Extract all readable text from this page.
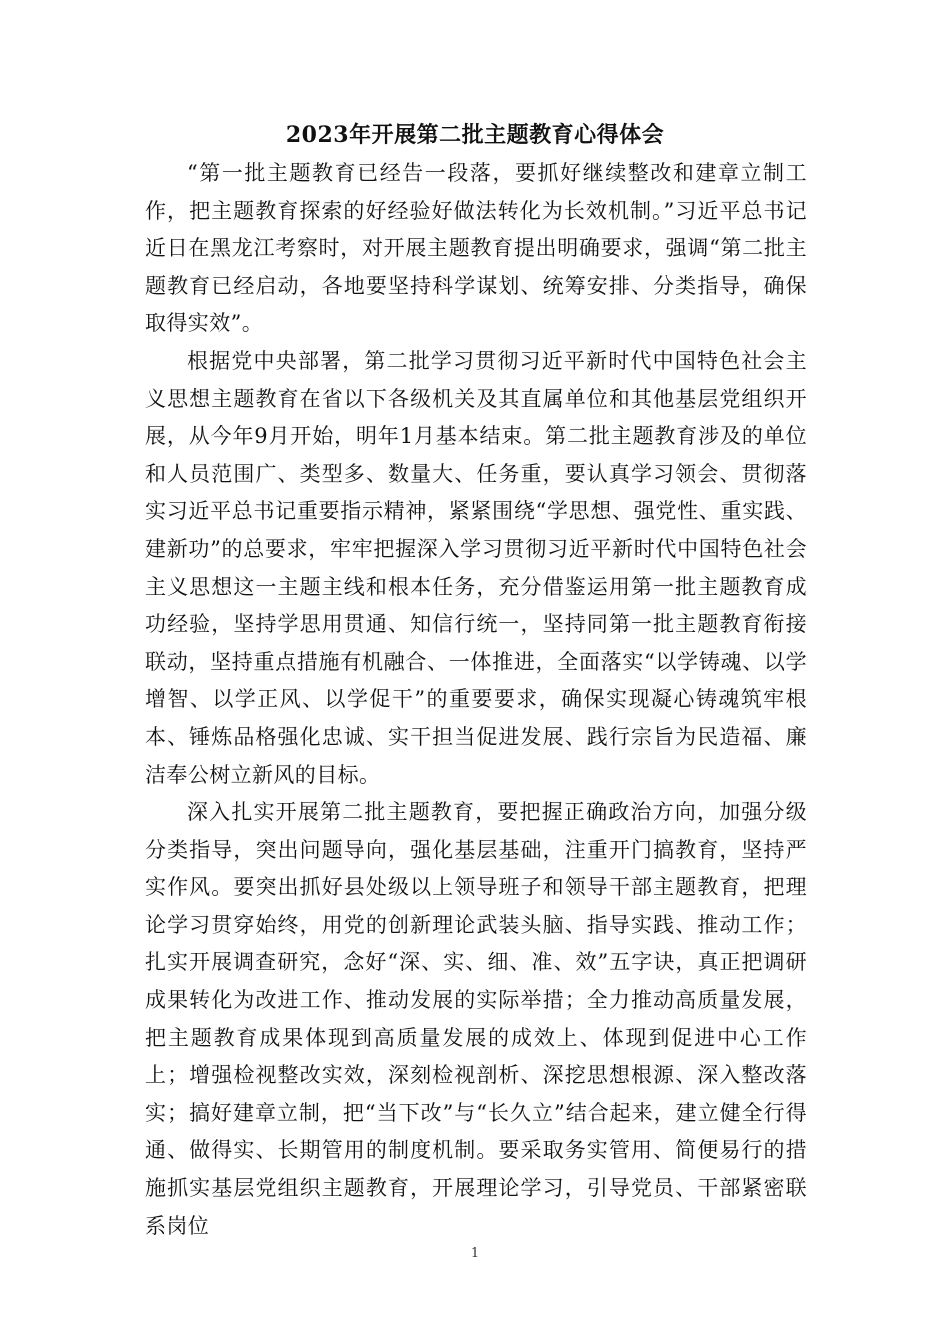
2023年开展第二批主题教育心得体会

“第一批主题教育已经告一段落，要抓好继续整改和建章立制工作，把主题教育探索的好经验好做法转化为长效机制。”习近平总书记近日在黑龙江考察时，对开展主题教育提出明确要求，强调“第二批主题教育已经启动，各地要坚持科学谋划、统筹安排、分类指导，确保取得实效”。

根据党中央部署，第二批学习贯彻习近平新时代中国特色社会主义思想主题教育在省以下各级机关及其直属单位和其他基层党组织开展，从今年9月开始，明年1月基本结束。第二批主题教育涉及的单位和人员范围广、类型多、数量大、任务重，要认真学习领会、贯彻落实习近平总书记重要指示精神，紧紧围绕“学思想、强党性、重实践、建新功”的总要求，牢牢把握深入学习贯彻习近平新时代中国特色社会主义思想这一主题主线和根本任务，充分借鉴运用第一批主题教育成功经验，坚持学思用贯通、知信行统一，坚持同第一批主题教育衔接联动，坚持重点措施有机融合、一体推进，全面落实“以学铸魂、以学增智、以学正风、以学促干”的重要要求，确保实现凝心铸魂筑牢根本、锤炼品格强化忠诚、实干担当促进发展、践行宗旨为民造福、廉洁奉公树立新风的目标。

深入扎实开展第二批主题教育，要把握正确政治方向，加强分级分类指导，突出问题导向，强化基层基础，注重开门搞教育，坚持严实作风。要突出抓好县处级以上领导班子和领导干部主题教育，把理论学习贯穿始终，用党的创新理论武装头脑、指导实践、推动工作；扎实开展调查研究，念好“深、实、细、准、效”五字诀，真正把调研成果转化为改进工作、推动发展的实际举措；全力推动高质量发展，把主题教育成果体现到高质量发展的成效上、体现到促进中心工作上；增强检视整改实效，深刻检视剖析、深挖思想根源、深入整改落实；搞好建章立制，把“当下改”与“长久立”结合起来，建立健全行得通、做得实、长期管用的制度机制。要采取务实管用、简便易行的措施抓实基层党组织主题教育，开展理论学习，引导党员、干部紧密联系岗位

1
